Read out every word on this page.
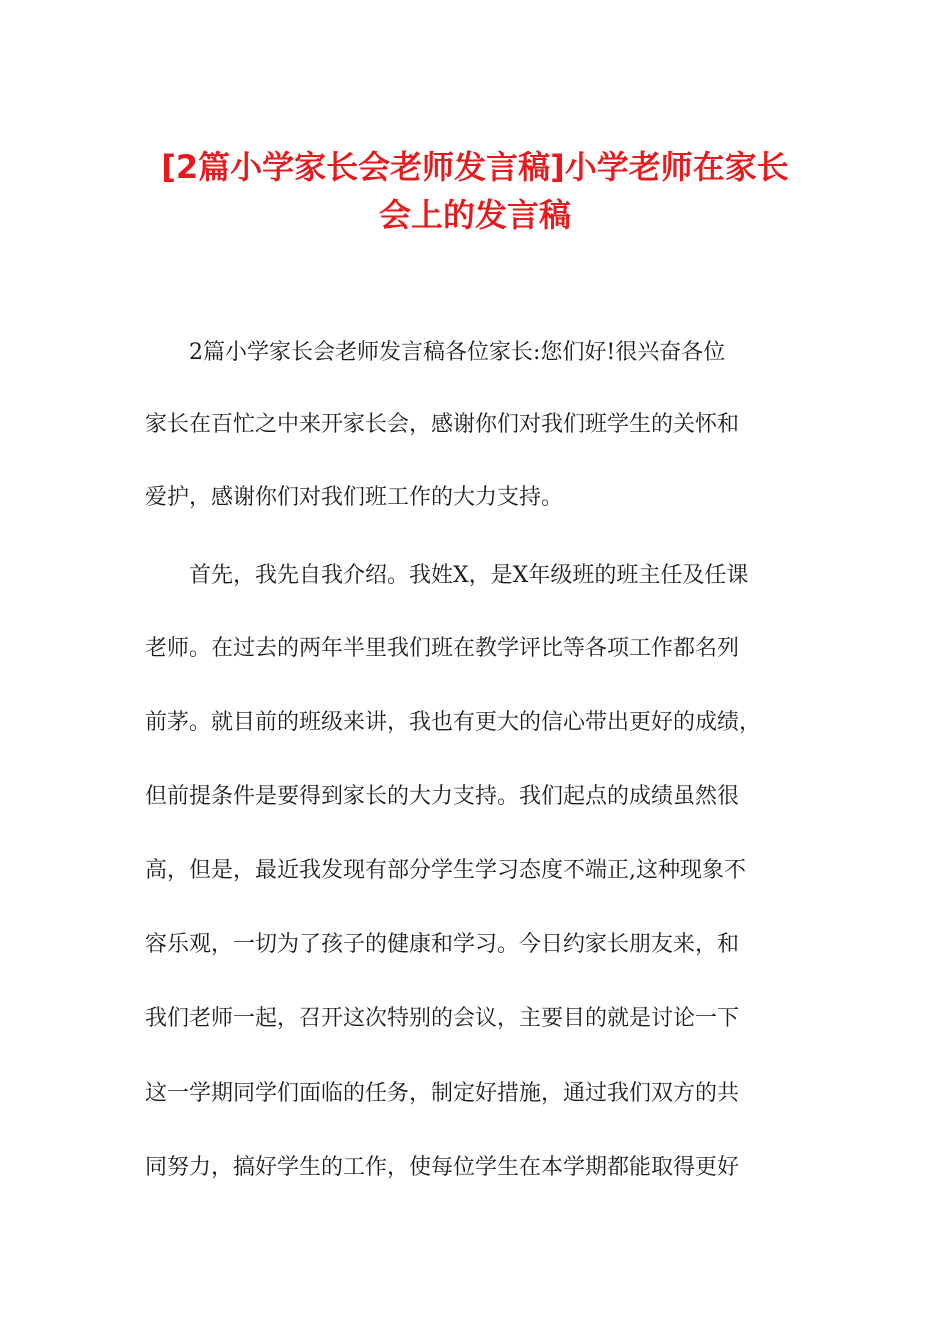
[2篇小学家长会老师发言稿]小学老师在家长
会上的发言稿

2篇小学家长会老师发言稿各位家长:您们好!很兴奋各位

家长在百忙之中来开家长会，感谢你们对我们班学生的关怀和

爱护，感谢你们对我们班工作的大力支持。

首先，我先自我介绍。我姓X，是X年级班的班主任及任课

老师。在过去的两年半里我们班在教学评比等各项工作都名列

前茅。就目前的班级来讲，我也有更大的信心带出更好的成绩，

但前提条件是要得到家长的大力支持。我们起点的成绩虽然很

高，但是，最近我发现有部分学生学习态度不端正,这种现象不

容乐观，一切为了孩子的健康和学习。今日约家长朋友来，和

我们老师一起，召开这次特别的会议，主要目的就是讨论一下

这一学期同学们面临的任务，制定好措施，通过我们双方的共

同努力，搞好学生的工作，使每位学生在本学期都能取得更好
